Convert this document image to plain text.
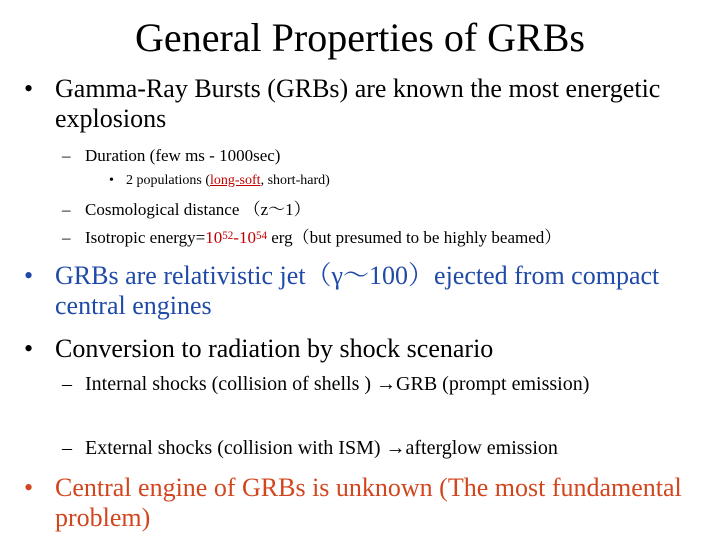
General Properties of GRBs
• Gamma-Ray Bursts (GRBs) are known the most energetic explosions
– Duration (few ms - 1000sec)
• 2 populations (long-soft, short-hard)
– Cosmological distance （z～1）
– Isotropic $energy=10^{52}-10^{54}$ erg（but presumed to be highly beamed）
• GRBs are relativistic jet（γ～100）ejected from compact central engines
• Conversion to radiation by shock scenario
– Internal shocks (collision of shells ) →GRB (prompt emission)
– External shocks (collision with ISM) →afterglow emission
• Central engine of GRBs is unknown (The most fundamental problem)
